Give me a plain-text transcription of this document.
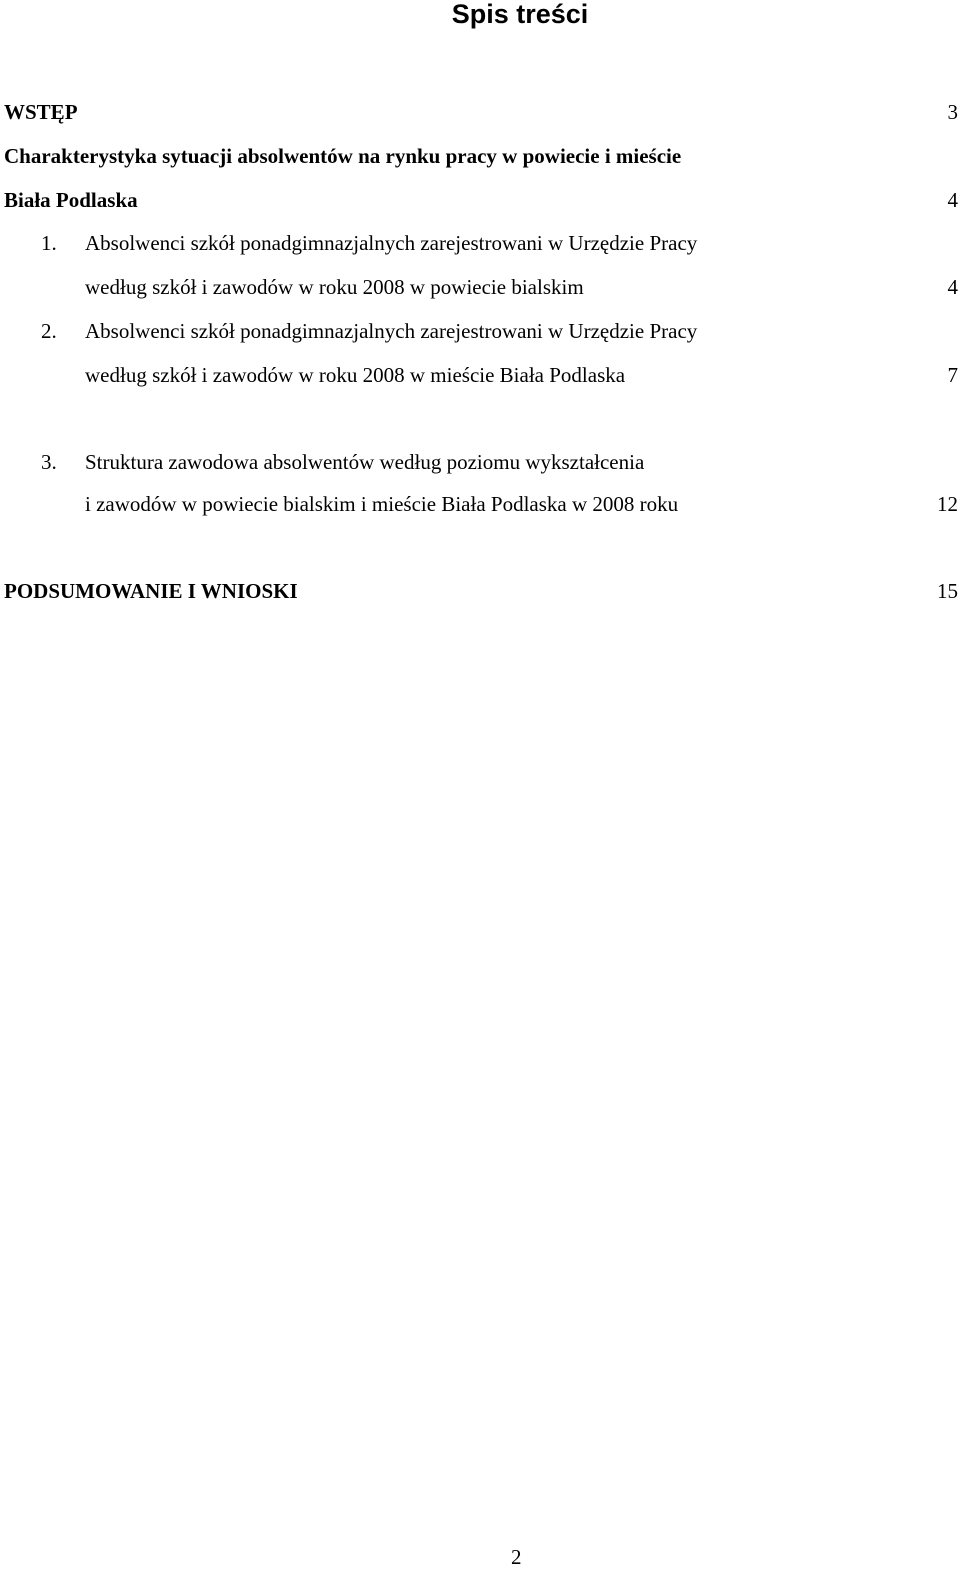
Spis treści
WSTĘP	3
Charakterystyka sytuacji absolwentów na rynku pracy w powiecie i mieście
Biała Podlaska	4
1. Absolwenci szkół ponadgimnazjalnych zarejestrowani w Urzędzie Pracy
według szkół i zawodów w roku 2008 w powiecie bialskim	4
2. Absolwenci szkół ponadgimnazjalnych zarejestrowani w Urzędzie Pracy
według szkół i zawodów w roku 2008 w mieście Biała Podlaska	7
3. Struktura zawodowa absolwentów według poziomu wykształcenia
i zawodów w powiecie bialskim i mieście Biała Podlaska w 2008 roku	12
PODSUMOWANIE I WNIOSKI	15
2
